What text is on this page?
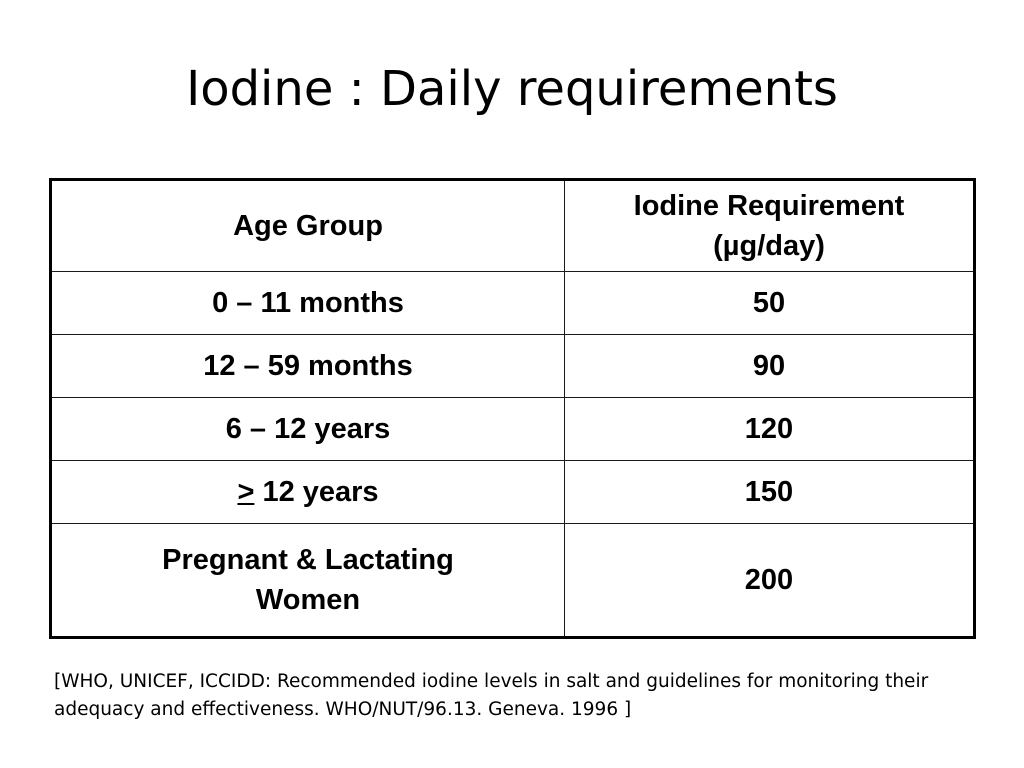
Iodine : Daily requirements
Age Group	Iodine Requirement
(µg/day)
0 – 11 months	50
12 – 59 months	90
6 – 12 years	120
≥ 12 years	150
Pregnant & Lactating
Women	200

[WHO, UNICEF, ICCIDD: Recommended iodine levels in salt and guidelines for monitoring their
adequacy and effectiveness. WHO/NUT/96.13. Geneva. 1996 ]
